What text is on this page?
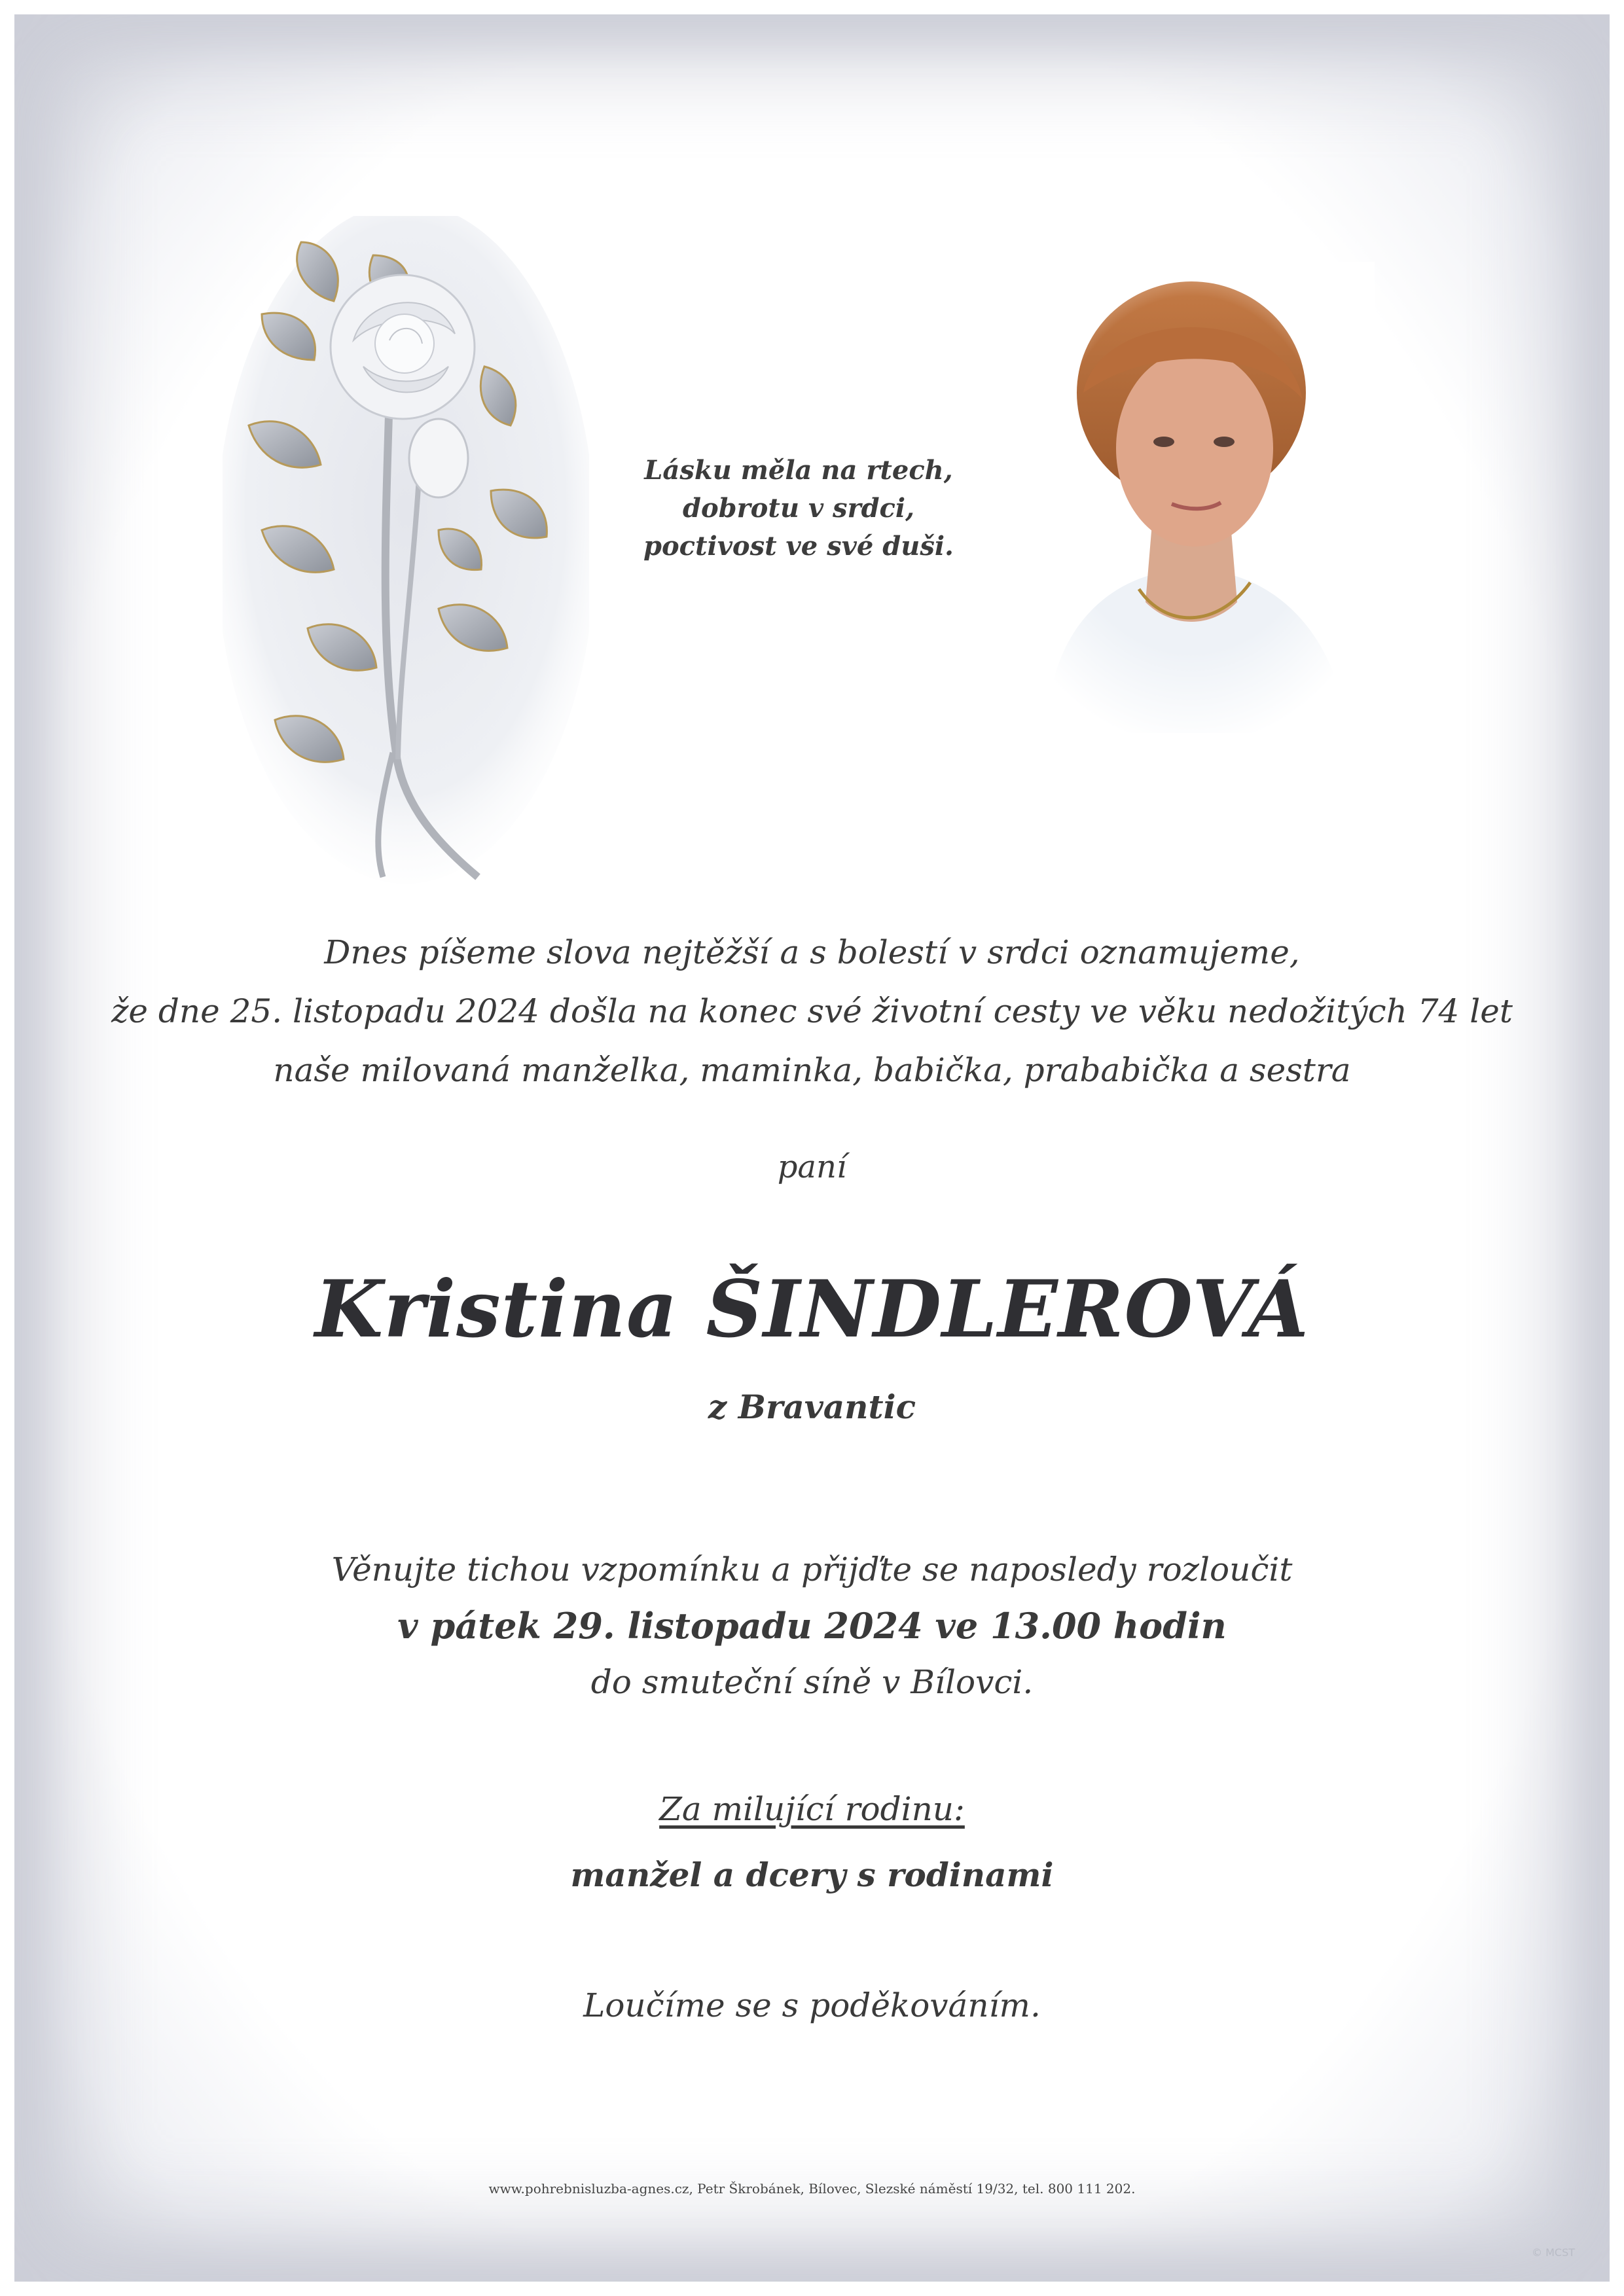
Lásku měla na rtech,
dobrotu v srdci,
poctivost ve své duši.
Dnes píšeme slova nejtěžší a s bolestí v srdci oznamujeme,
že dne 25. listopadu 2024 došla na konec své životní cesty ve věku nedožitých 74 let
naše milovaná manželka, maminka, babička, prababička a sestra
paní
Kristina ŠINDLEROVÁ
z Bravantic
Věnujte tichou vzpomínku a přijďte se naposledy rozloučit
v pátek 29. listopadu 2024 ve 13.00 hodin
do smuteční síně v Bílovci.
Za milující rodinu:
manžel a dcery s rodinami
Loučíme se s poděkováním.
www.pohrebnisluzba-agnes.cz, Petr Škrobánek, Bílovec, Slezské náměstí 19/32, tel. 800 111 202.
© MCST
